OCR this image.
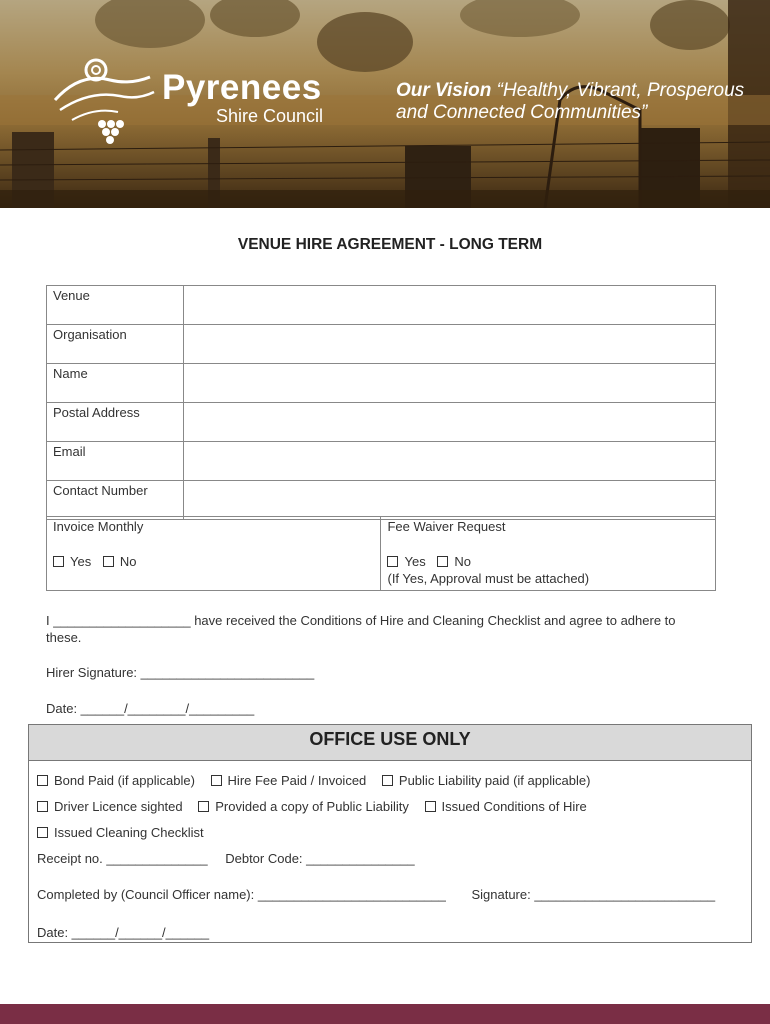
Pyrenees
Shire Council
Our Vision “Healthy, Vibrant, Prosperous
and Connected Communities”
VENUE HIRE AGREEMENT - LONG TERM
Venue	
Organisation	
Name	
Postal Address	
Email	
Contact Number	
Invoice Monthly
Yes No

Fee Waiver Request
Yes No
(If Yes, Approval must be attached)
I ___________________ have received the Conditions of Hire and Cleaning Checklist and agree to adhere to
these.
Hirer Signature: ________________________
Date: ______/________/_________
OFFICE USE ONLY
Bond Paid (if applicable)	Hire Fee Paid / Invoiced	Public Liability paid (if applicable)
Driver Licence sighted	Provided a copy of Public Liability	Issued Conditions of Hire
Issued Cleaning Checklist
Receipt no. ______________ Debtor Code: _______________
Completed by (Council Officer name): __________________________ Signature: _________________________
Date: ______/______/______
